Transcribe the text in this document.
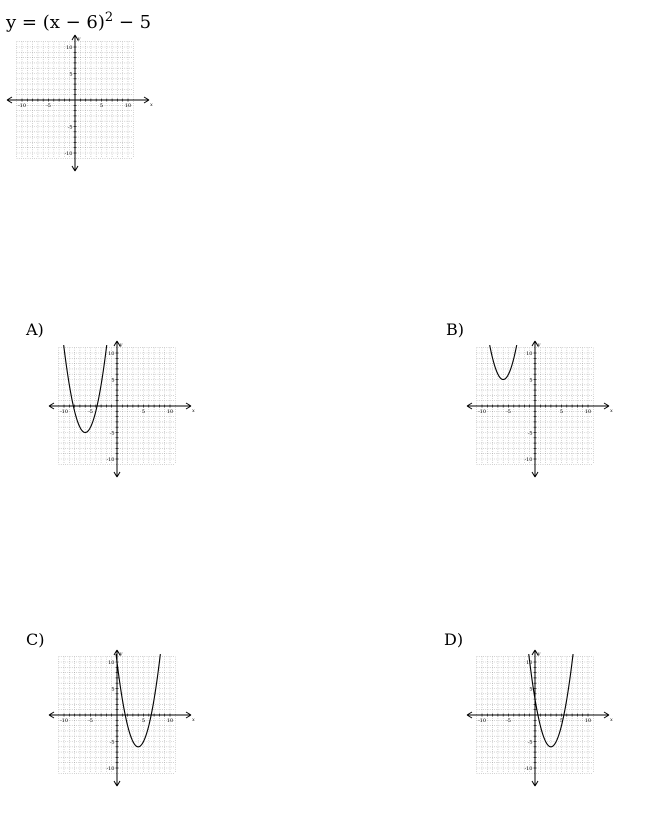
$y = (x - 6)^2 - 5$
-10	-5	5	10
10
5
-5
-10
x
y
A)
-10	-5	5	10
10
5
-5
-10
x
y
B)
-10	-5	5	10
10
5
-5
-10
x
y
C)
-10	-5	5	10
10
5
-5
-10
x
y
D)
-10	-5	5	10
10
5
-5
-10
x
y
